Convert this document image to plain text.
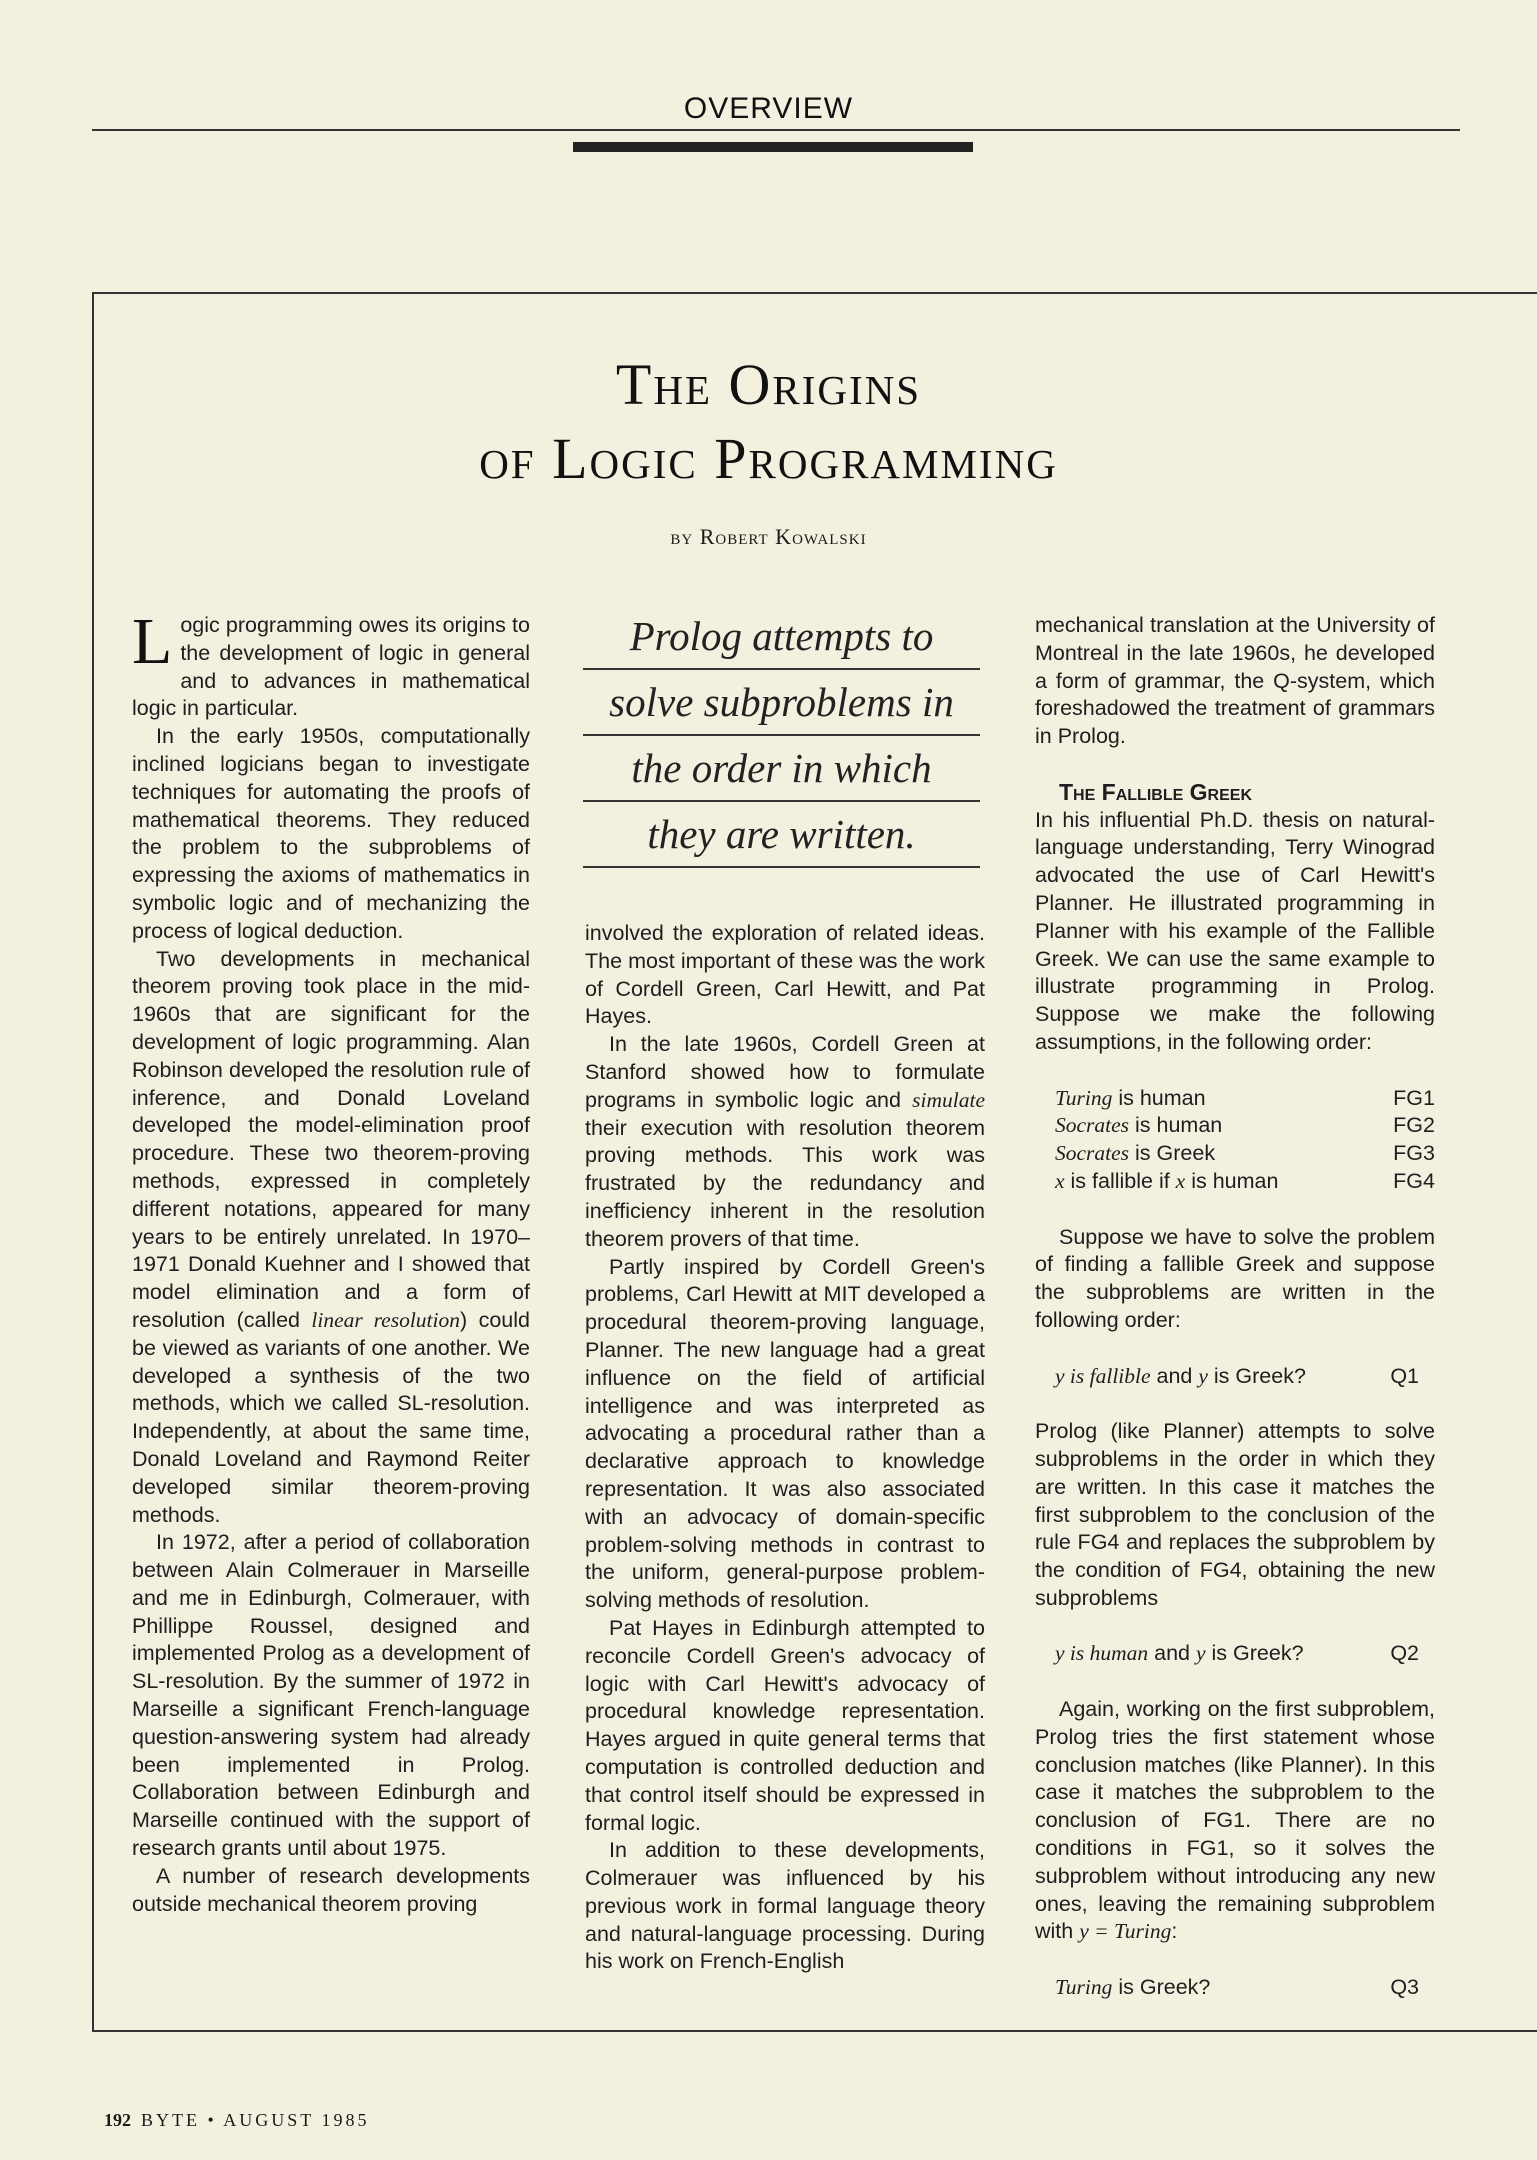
OVERVIEW
The Origins
of Logic Programming
by Robert Kowalski

Logic programming owes its origins to the development of logic in general and to advances in mathematical logic in particular.

In the early 1950s, computationally inclined logicians began to investigate techniques for automating the proofs of mathematical theorems. They reduced the problem to the subproblems of expressing the axioms of mathematics in symbolic logic and of mechanizing the process of logical deduction.

Two developments in mechanical theorem proving took place in the mid-1960s that are significant for the development of logic programming. Alan Robinson developed the resolution rule of inference, and Donald Loveland developed the model-elimination proof procedure. These two theorem-proving methods, expressed in completely different notations, appeared for many years to be entirely unrelated. In 1970–1971 Donald Kuehner and I showed that model elimination and a form of resolution (called linear resolution) could be viewed as variants of one another. We developed a synthesis of the two methods, which we called SL-resolution. Independently, at about the same time, Donald Loveland and Raymond Reiter developed similar theorem-proving methods.

In 1972, after a period of collaboration between Alain Colmerauer in Marseille and me in Edinburgh, Colmerauer, with Phillippe Roussel, designed and implemented Prolog as a development of SL-resolution. By the summer of 1972 in Marseille a significant French-language question-answering system had already been implemented in Prolog. Collaboration between Edinburgh and Marseille continued with the support of research grants until about 1975.

A number of research developments outside mechanical theorem proving

Prolog attempts to
solve subproblems in
the order in which
they are written.

involved the exploration of related ideas. The most important of these was the work of Cordell Green, Carl Hewitt, and Pat Hayes.

In the late 1960s, Cordell Green at Stanford showed how to formulate programs in symbolic logic and simulate their execution with resolution theorem proving methods. This work was frustrated by the redundancy and inefficiency inherent in the resolution theorem provers of that time.

Partly inspired by Cordell Green's problems, Carl Hewitt at MIT developed a procedural theorem-proving language, Planner. The new language had a great influence on the field of artificial intelligence and was interpreted as advocating a procedural rather than a declarative approach to knowledge representation. It was also associated with an advocacy of domain-specific problem-solving methods in contrast to the uniform, general-purpose problem-solving methods of resolution.

Pat Hayes in Edinburgh attempted to reconcile Cordell Green's advocacy of logic with Carl Hewitt's advocacy of procedural knowledge representation. Hayes argued in quite general terms that computation is controlled deduction and that control itself should be expressed in formal logic.

In addition to these developments, Colmerauer was influenced by his previous work in formal language theory and natural-language processing. During his work on French-English

mechanical translation at the University of Montreal in the late 1960s, he developed a form of grammar, the Q-system, which foreshadowed the treatment of grammars in Prolog.

The Fallible Greek

In his influential Ph.D. thesis on natural-language understanding, Terry Winograd advocated the use of Carl Hewitt's Planner. He illustrated programming in Planner with his example of the Fallible Greek. We can use the same example to illustrate programming in Prolog. Suppose we make the following assumptions, in the following order:

Turing is human	FG1
Socrates is human	FG2
Socrates is Greek	FG3
x is fallible if x is human	FG4

Suppose we have to solve the problem of finding a fallible Greek and suppose the subproblems are written in the following order:

y is fallible and y is Greek?	Q1

Prolog (like Planner) attempts to solve subproblems in the order in which they are written. In this case it matches the first subproblem to the conclusion of the rule FG4 and replaces the subproblem by the condition of FG4, obtaining the new subproblems

y is human and y is Greek?	Q2

Again, working on the first subproblem, Prolog tries the first statement whose conclusion matches (like Planner). In this case it matches the subproblem to the conclusion of FG1. There are no conditions in FG1, so it solves the subproblem without introducing any new ones, leaving the remaining subproblem with y = Turing:

Turing is Greek?	Q3
192 BYTE • AUGUST 1985
